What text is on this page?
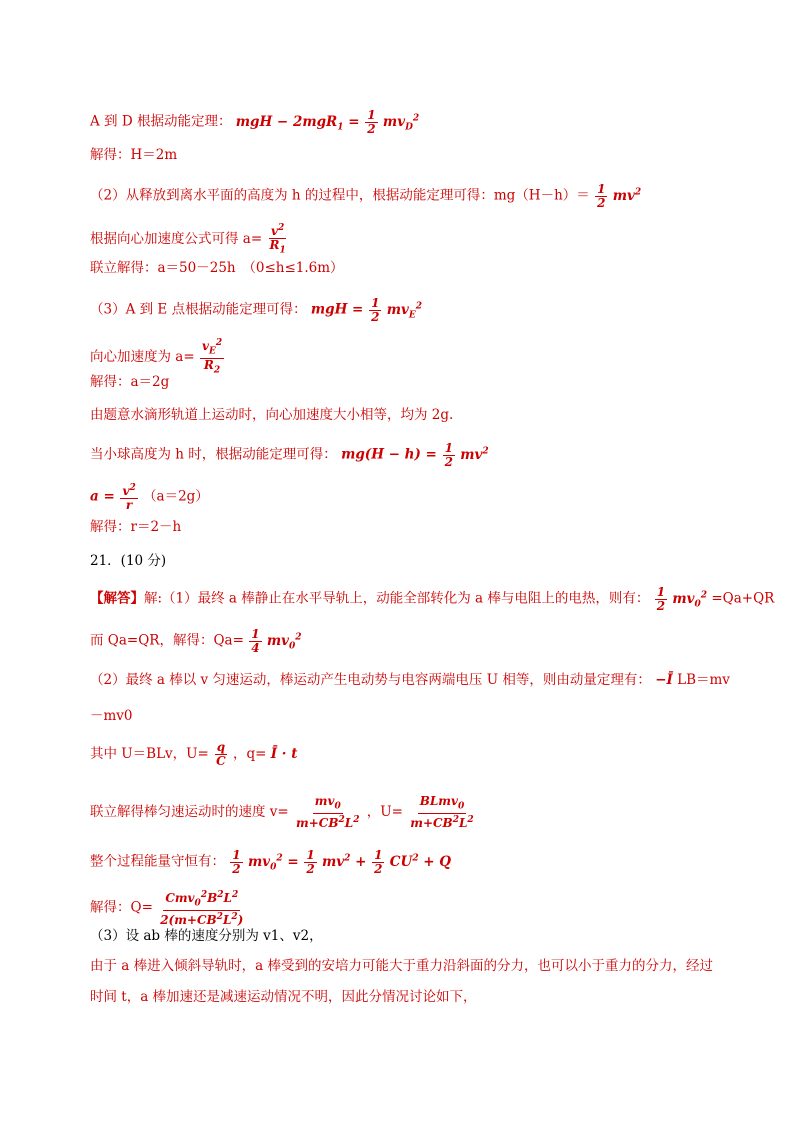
A 到 D 根据动能定理： mgH − $2mgR_1 = \frac{1}{2} mv_D^2$
解得：H＝2m
（2）从释放到离水平面的高度为 h 的过程中，根据动能定理可得：$mg(H-h)= \frac{1}{2} mv^2$
根据向心加速度公式可得 $a= \frac{v^2}{R_1}$
联立解得：a＝50－25h　（0≤h≤1.6m）
（3）A 到 E 点根据动能定理可得： mgH = $\frac{1}{2} mv_E^2$
向心加速度为 $a= \frac{v_E^2}{R_2}$
解得：a＝2g
由题意水滴形轨道上运动时，向心加速度大小相等，均为 2g.
当小球高度为 h 时，根据动能定理可得： $mg(H - h) = \frac{1}{2} mv^2$
$a = \frac{v^2}{r} (a=2g)$
解得：r＝2－h
21．(10 分)
【解答】解:（1）最终 a 棒静止在水平导轨上，动能全部转化为 a 棒与电阻上的电热，则有： $\frac{1}{2} mv_0^2 =Qa+QR$
而 Qa=QR，解得：$Qa= \frac{1}{4} mv_0^2$
（2）最终 a 棒以 v 匀速运动，棒运动产生电动势与电容两端电压 U 相等，则由动量定理有： −Ī LB＝mv
－mv0
其中 U＝BLv，$U= \frac{q}{C}$ ，q= Ī · t
联立解得棒匀速运动时的速度 $v= \frac{mv_0}{m+CB^2L^2}$ ，$U= \frac{BLmv_0}{m+CB^2L^2}$
整个过程能量守恒有： $\frac{1}{2} mv_0^2 = \frac{1}{2} mv^2 + \frac{1}{2} CU^2 + Q$
解得：$Q= \frac{Cmv_0^2B^2L^2}{2(m+CB^2L^2)}$
（3）设 ab 棒的速度分别为 v1、v2，
由于 a 棒进入倾斜导轨时，a 棒受到的安培力可能大于重力沿斜面的分力，也可以小于重力的分力，经过
时间 t，a 棒加速还是减速运动情况不明，因此分情况讨论如下，
